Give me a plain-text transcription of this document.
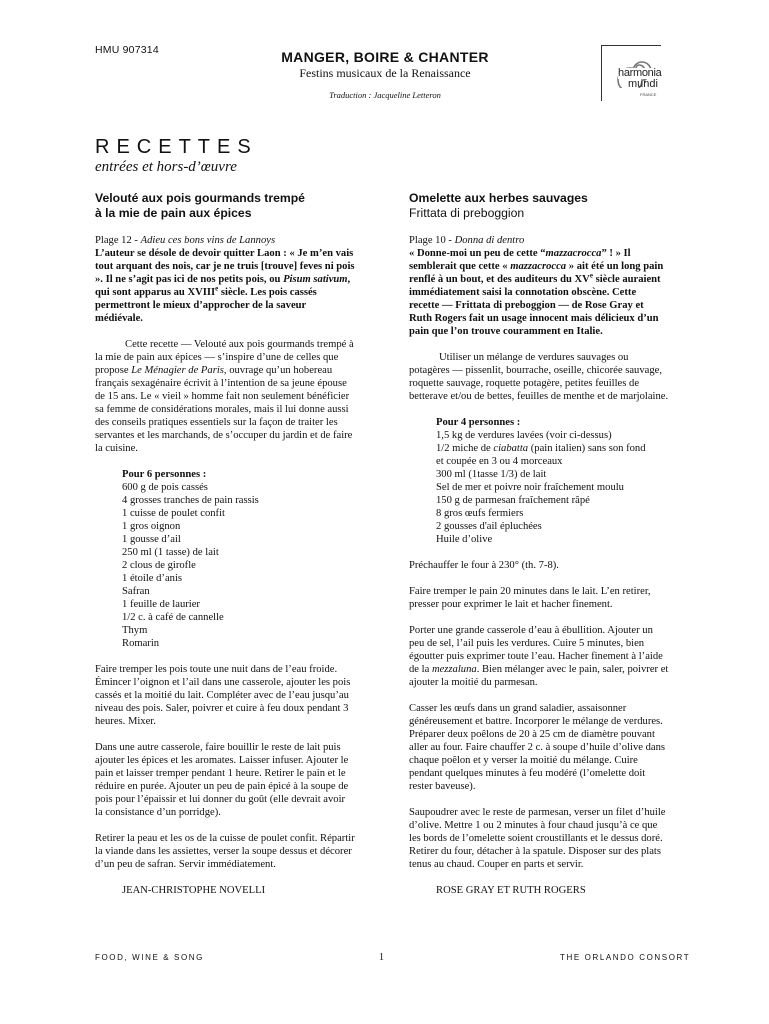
HMU 907314	MANGER, BOIRE & CHANTER
Festins musicaux de la Renaissance
Traduction : Jacqueline Letteron
harmonia
mundi
FRANCE
RECETTES
entrées et hors-d’œuvre
Velouté aux pois gourmands trempé
à la mie de pain aux épices
Plage 12 - Adieu ces bons vins de Lannoys
L’auteur se désole de devoir quitter Laon : « Je m’en vais tout arquant des nois, car je ne truis [trouve] feves ni pois ». Il ne s’agit pas ici de nos petits pois, ou Pisum sativum, qui sont apparus au XVIIIe siècle. Les pois cassés permettront le mieux d’approcher de la saveur médiévale.

Cette recette — Velouté aux pois gourmands trempé à la mie de pain aux épices — s’inspire d’une de celles que propose Le Ménagier de Paris, ouvrage qu’un hobereau français sexagénaire écrivit à l’intention de sa jeune épouse de 15 ans. Le « vieil » homme fait non seulement bénéficier sa femme de considérations morales, mais il lui donne aussi des conseils pratiques essentiels sur la façon de traiter les servantes et les marchands, de s’occuper du jardin et de faire la cuisine.

Pour 6 personnes :
600 g de pois cassés
4 grosses tranches de pain rassis
1 cuisse de poulet confit
1 gros oignon
1 gousse d’ail
250 ml (1 tasse) de lait
2 clous de girofle
1 étoile d’anis
Safran
1 feuille de laurier
1/2 c. à café de cannelle
Thym
Romarin

Faire tremper les pois toute une nuit dans de l’eau froide. Émincer l’oignon et l’ail dans une casserole, ajouter les pois cassés et la moitié du lait. Compléter avec de l’eau jusqu’au niveau des pois. Saler, poivrer et cuire à feu doux pendant 3 heures. Mixer.

Dans une autre casserole, faire bouillir le reste de lait puis ajouter les épices et les aromates. Laisser infuser. Ajouter le pain et laisser tremper pendant 1 heure. Retirer le pain et le réduire en purée. Ajouter un peu de pain épicé à la soupe de pois pour l’épaissir et lui donner du goût (elle devrait avoir la consistance d’un porridge).

Retirer la peau et les os de la cuisse de poulet confit. Répartir la viande dans les assiettes, verser la soupe dessus et décorer d’un peu de safran. Servir immédiatement.

JEAN-CHRISTOPHE NOVELLI
Omelette aux herbes sauvages
Frittata di preboggion
Plage 10 - Donna di dentro
« Donne-moi un peu de cette “mazzacrocca” ! » Il semblerait que cette « mazzacrocca » ait été un long pain renflé à un bout, et des auditeurs du XVe siècle auraient immédiatement saisi la connotation obscène. Cette recette — Frittata di preboggion — de Rose Gray et Ruth Rogers fait un usage innocent mais délicieux d’un pain que l’on trouve couramment en Italie.

Utiliser un mélange de verdures sauvages ou potagères — pissenlit, bourrache, oseille, chicorée sauvage, roquette sauvage, roquette potagère, petites feuilles de betterave et/ou de bettes, feuilles de menthe et de marjolaine.

Pour 4 personnes :
1,5 kg de verdures lavées (voir ci-dessus)
1/2 miche de ciabatta (pain italien) sans son fond
et coupée en 3 ou 4 morceaux
300 ml (1tasse 1/3) de lait
Sel de mer et poivre noir fraîchement moulu
150 g de parmesan fraîchement râpé
8 gros œufs fermiers
2 gousses d'ail épluchées
Huile d’olive

Préchauffer le four à 230° (th. 7-8).

Faire tremper le pain 20 minutes dans le lait. L’en retirer, presser pour exprimer le lait et hacher finement.

Porter une grande casserole d’eau à ébullition. Ajouter un peu de sel, l’ail puis les verdures. Cuire 5 minutes, bien égoutter puis exprimer toute l’eau. Hacher finement à l’aide de la mezzaluna. Bien mélanger avec le pain, saler, poivrer et ajouter la moitié du parmesan.

Casser les œufs dans un grand saladier, assaisonner généreusement et battre. Incorporer le mélange de verdures. Préparer deux poêlons de 20 à 25 cm de diamètre pouvant aller au four. Faire chauffer 2 c. à soupe d’huile d’olive dans chaque poêlon et y verser la moitié du mélange. Cuire pendant quelques minutes à feu modéré (l’omelette doit rester baveuse).

Saupoudrer avec le reste de parmesan, verser un filet d’huile d’olive. Mettre 1 ou 2 minutes à four chaud jusqu’à ce que les bords de l’omelette soient croustillants et le dessus doré. Retirer du four, détacher à la spatule. Disposer sur des plats tenus au chaud. Couper en parts et servir.

ROSE GRAY ET RUTH ROGERS
FOOD, WINE & SONG	1	THE ORLANDO CONSORT
